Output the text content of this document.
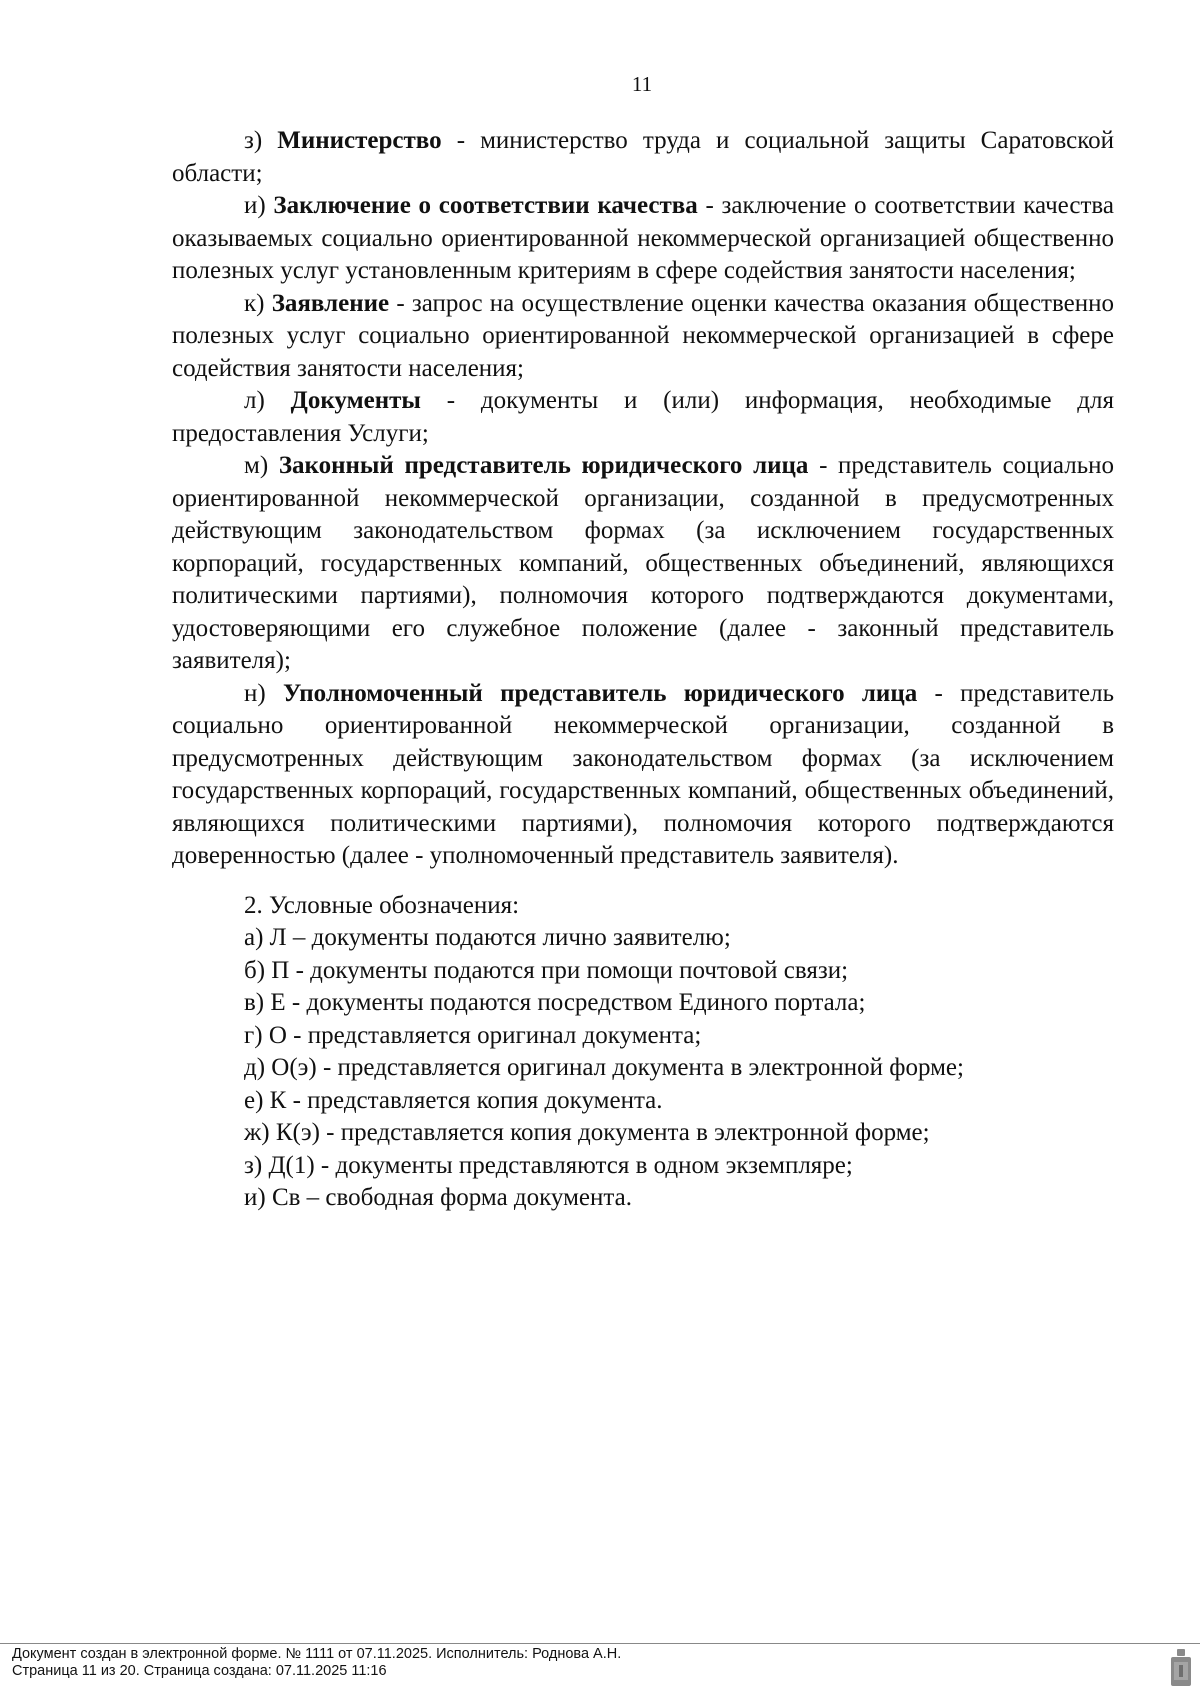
11

з) Министерство - министерство труда и социальной защиты Саратовской области;

и) Заключение о соответствии качества - заключение о соответствии качества оказываемых социально ориентированной некоммерческой организацией общественно полезных услуг установленным критериям в сфере содействия занятости населения;

к) Заявление - запрос на осуществление оценки качества оказания общественно полезных услуг социально ориентированной некоммерческой организацией в сфере содействия занятости населения;

л) Документы - документы и (или) информация, необходимые для предоставления Услуги;

м) Законный представитель юридического лица - представитель социально ориентированной некоммерческой организации, созданной в предусмотренных действующим законодательством формах (за исключением государственных корпораций, государственных компаний, общественных объединений, являющихся политическими партиями), полномочия которого подтверждаются документами, удостоверяющими его служебное положение (далее - законный представитель заявителя);

н) Уполномоченный представитель юридического лица - представитель социально ориентированной некоммерческой организации, созданной в предусмотренных действующим законодательством формах (за исключением государственных корпораций, государственных компаний, общественных объединений, являющихся политическими партиями), полномочия которого подтверждаются доверенностью (далее - уполномоченный представитель заявителя).

2. Условные обозначения:

а) Л – документы подаются лично заявителю;

б) П - документы подаются при помощи почтовой связи;

в) Е - документы подаются посредством Единого портала;

г) О - представляется оригинал документа;

д) О(э) - представляется оригинал документа в электронной форме;

е) К - представляется копия документа.

ж) К(э) - представляется копия документа в электронной форме;

з) Д(1) - документы представляются в одном экземпляре;

и) Св – свободная форма документа.

Документ создан в электронной форме. № 1111 от 07.11.2025. Исполнитель: Роднова А.Н.
Страница 11 из 20. Страница создана: 07.11.2025 11:16
